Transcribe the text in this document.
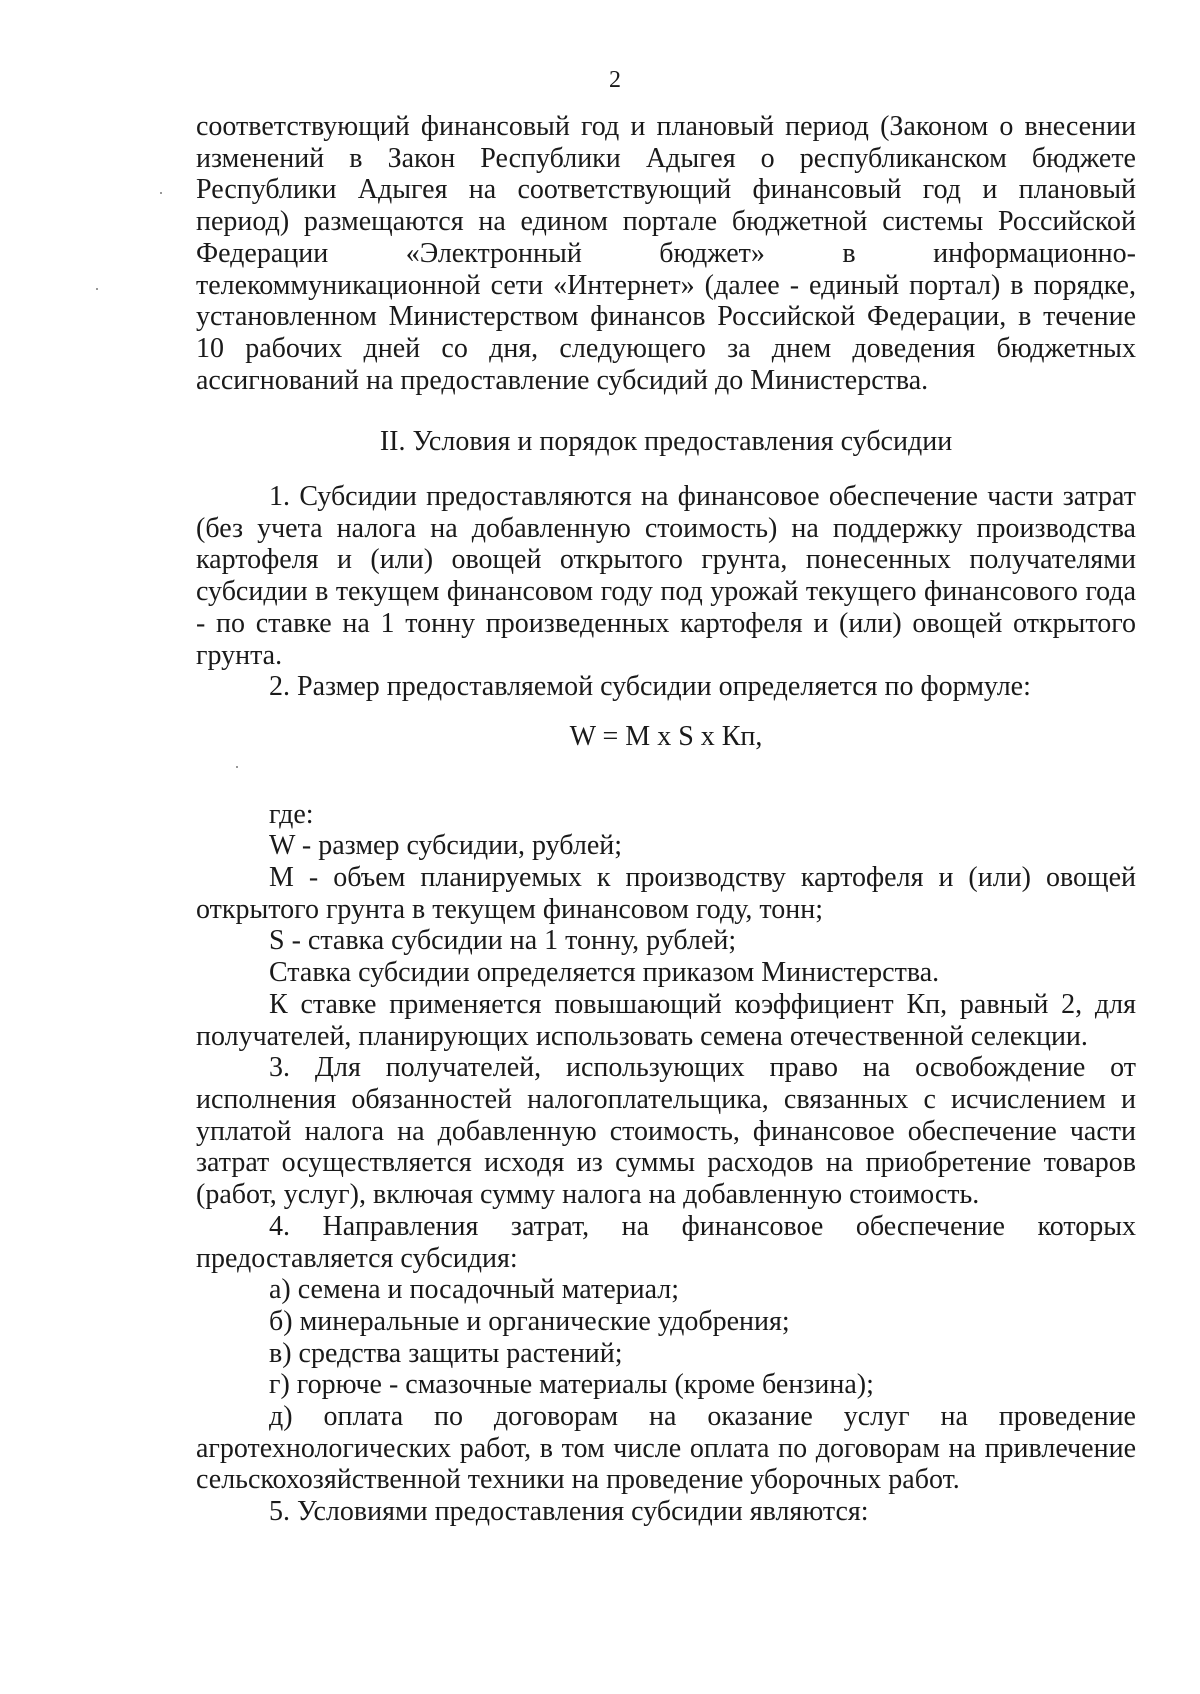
2

соответствующий финансовый год и плановый период (Законом о внесении изменений в Закон Республики Адыгея о республиканском бюджете Республики Адыгея на соответствующий финансовый год и плановый период) размещаются на едином портале бюджетной системы Российской Федерации «Электронный бюджет» в информационно-телекоммуникационной сети «Интернет» (далее - единый портал) в порядке, установленном Министерством финансов Российской Федерации, в течение 10 рабочих дней со дня, следующего за днем доведения бюджетных ассигнований на предоставление субсидий до Министерства.

II. Условия и порядок предоставления субсидии

1. Субсидии предоставляются на финансовое обеспечение части затрат (без учета налога на добавленную стоимость) на поддержку производства картофеля и (или) овощей открытого грунта, понесенных получателями субсидии в текущем финансовом году под урожай текущего финансового года - по ставке на 1 тонну произведенных картофеля и (или) овощей открытого грунта.

2. Размер предоставляемой субсидии определяется по формуле:

W = M x S x Кп,

где:

W - размер субсидии, рублей;

M - объем планируемых к производству картофеля и (или) овощей открытого грунта в текущем финансовом году, тонн;

S - ставка субсидии на 1 тонну, рублей;

Ставка субсидии определяется приказом Министерства.

К ставке применяется повышающий коэффициент Кп, равный 2, для получателей, планирующих использовать семена отечественной селекции.

3. Для получателей, использующих право на освобождение от исполнения обязанностей налогоплательщика, связанных с исчислением и уплатой налога на добавленную стоимость, финансовое обеспечение части затрат осуществляется исходя из суммы расходов на приобретение товаров (работ, услуг), включая сумму налога на добавленную стоимость.

4. Направления затрат, на финансовое обеспечение которых предоставляется субсидия:

а) семена и посадочный материал;

б) минеральные и органические удобрения;

в) средства защиты растений;

г) горюче - смазочные материалы (кроме бензина);

д) оплата по договорам на оказание услуг на проведение агротехнологических работ, в том числе оплата по договорам на привлечение сельскохозяйственной техники на проведение уборочных работ.

5. Условиями предоставления субсидии являются:
